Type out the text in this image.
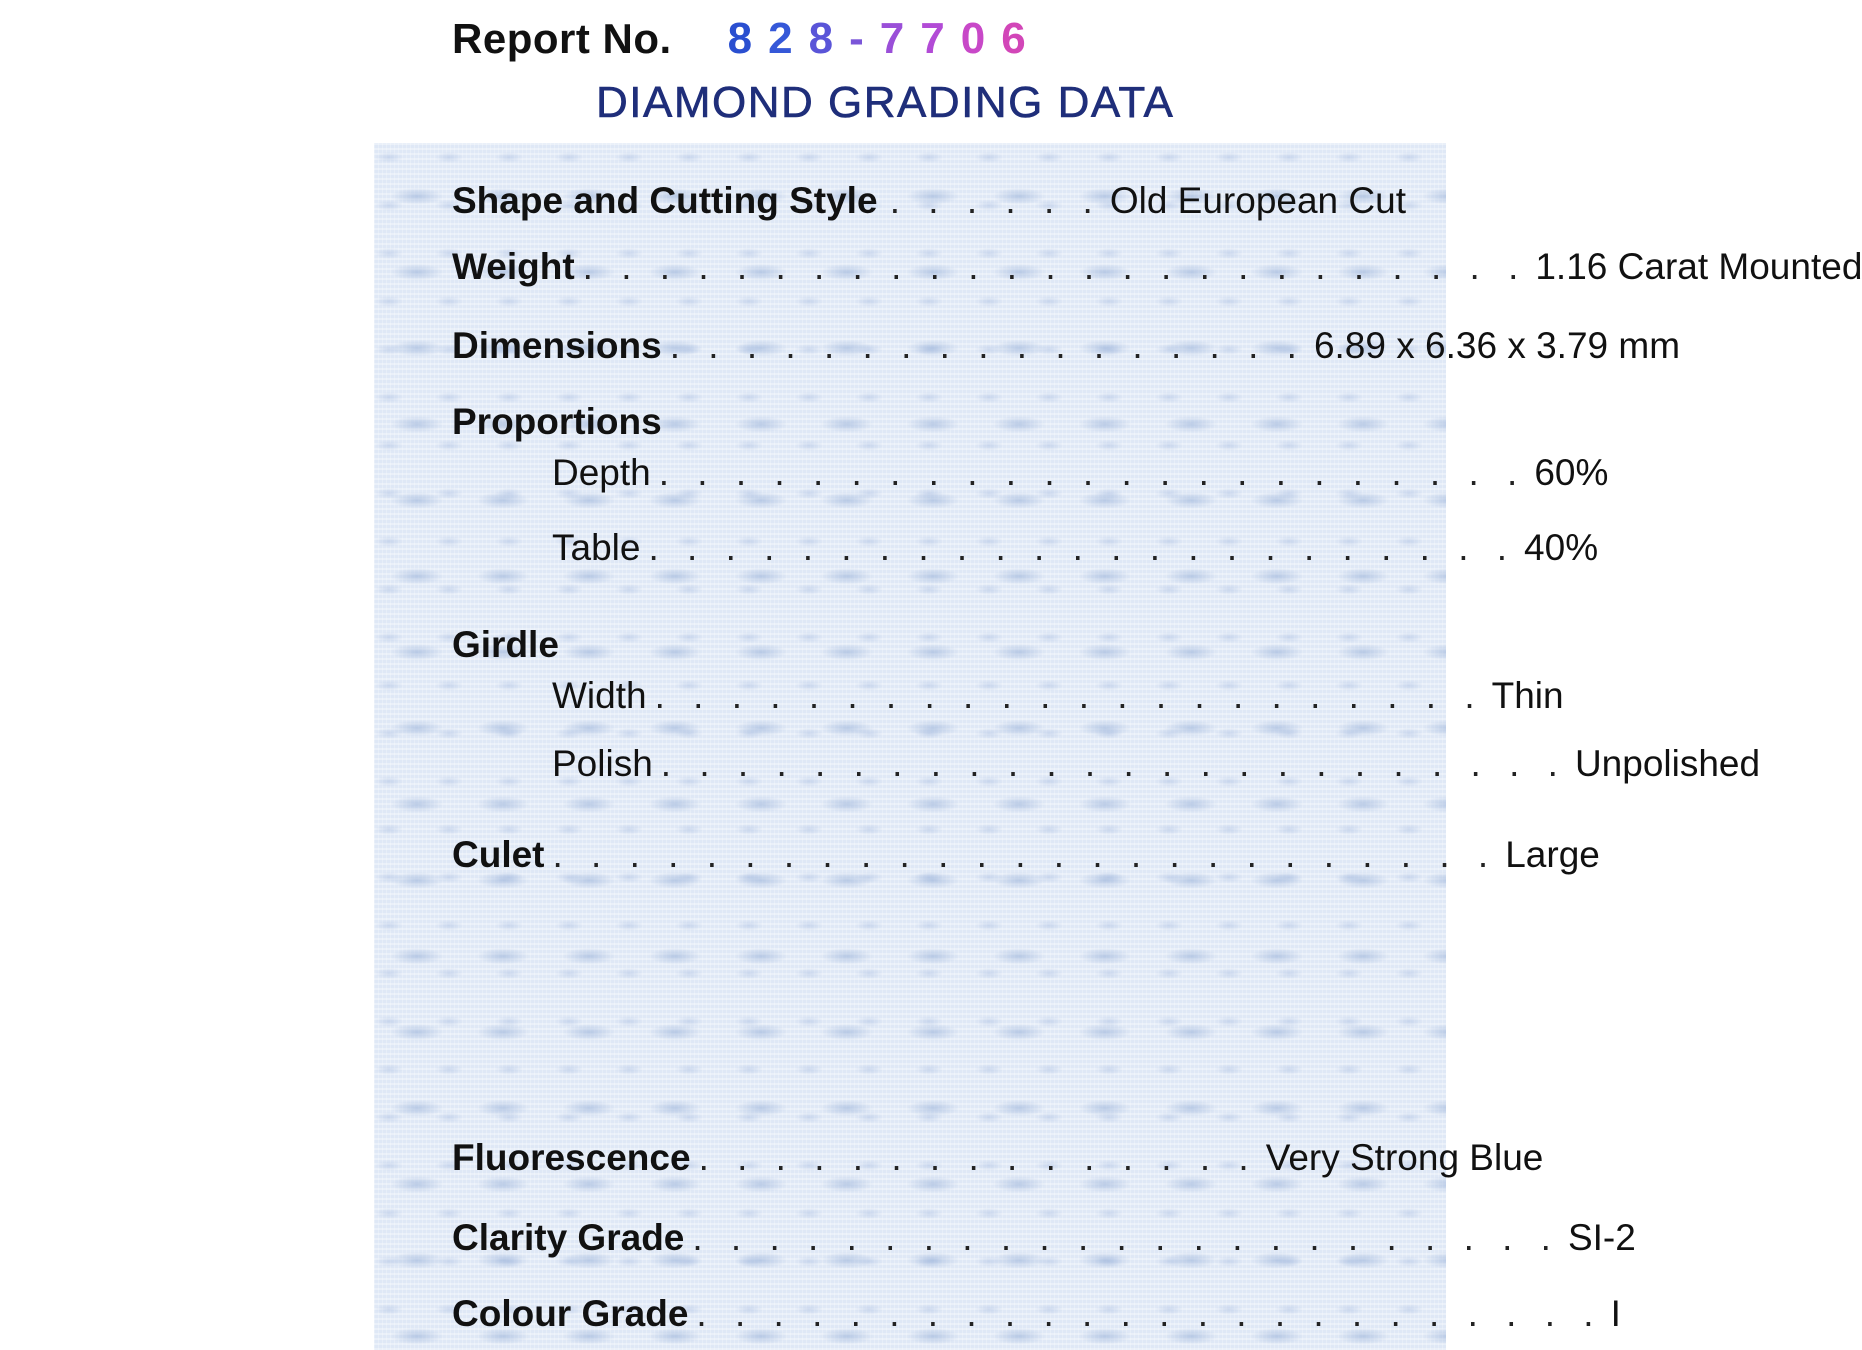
Report No. 828-7706
DIAMOND GRADING DATA
Shape and Cutting Style . . . . . . Old European Cut
Weight . . . . . . . . . . . . . . . . . . . . . . . . . 1.16 Carat Mounted
Dimensions . . . . . . . . . . . . . . . . . 6.89 x 6.36 x 3.79 mm
Proportions
Depth . . . . . . . . . . . . . . . . . . . . . . . 60%
Table . . . . . . . . . . . . . . . . . . . . . . . 40%
Girdle
Width . . . . . . . . . . . . . . . . . . . . . . Thin
Polish . . . . . . . . . . . . . . . . . . . . . . . . Unpolished
Culet . . . . . . . . . . . . . . . . . . . . . . . . . Large
Fluorescence . . . . . . . . . . . . . . . Very Strong Blue
Clarity Grade . . . . . . . . . . . . . . . . . . . . . . . SI-2
Colour Grade . . . . . . . . . . . . . . . . . . . . . . . . I
